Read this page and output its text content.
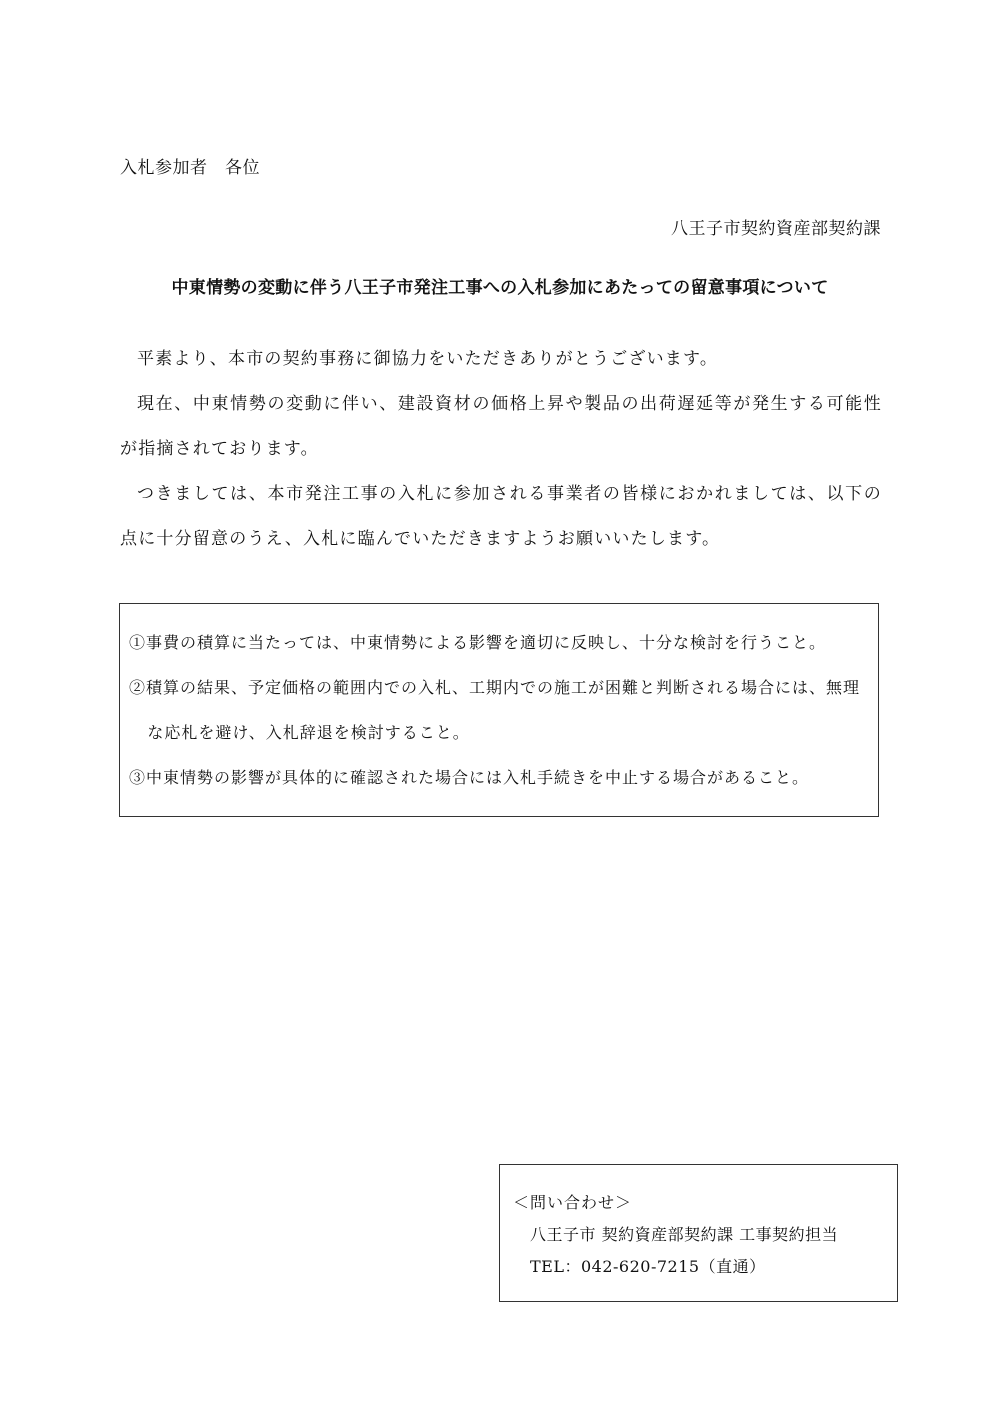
入札参加者　各位
八王子市契約資産部契約課
中東情勢の変動に伴う八王子市発注工事への入札参加にあたっての留意事項について

平素より、本市の契約事務に御協力をいただきありがとうございます。

現在、中東情勢の変動に伴い、建設資材の価格上昇や製品の出荷遅延等が発生する可能性が指摘されております。

つきましては、本市発注工事の入札に参加される事業者の皆様におかれましては、以下の点に十分留意のうえ、入札に臨んでいただきますようお願いいたします。

①事費の積算に当たっては、中東情勢による影響を適切に反映し、十分な検討を行うこと。
②積算の結果、予定価格の範囲内での入札、工期内での施工が困難と判断される場合には、無理な応札を避け、入札辞退を検討すること。
③中東情勢の影響が具体的に確認された場合には入札手続きを中止する場合があること。
＜問い合わせ＞
八王子市 契約資産部契約課 工事契約担当
TEL：042-620-7215（直通）
